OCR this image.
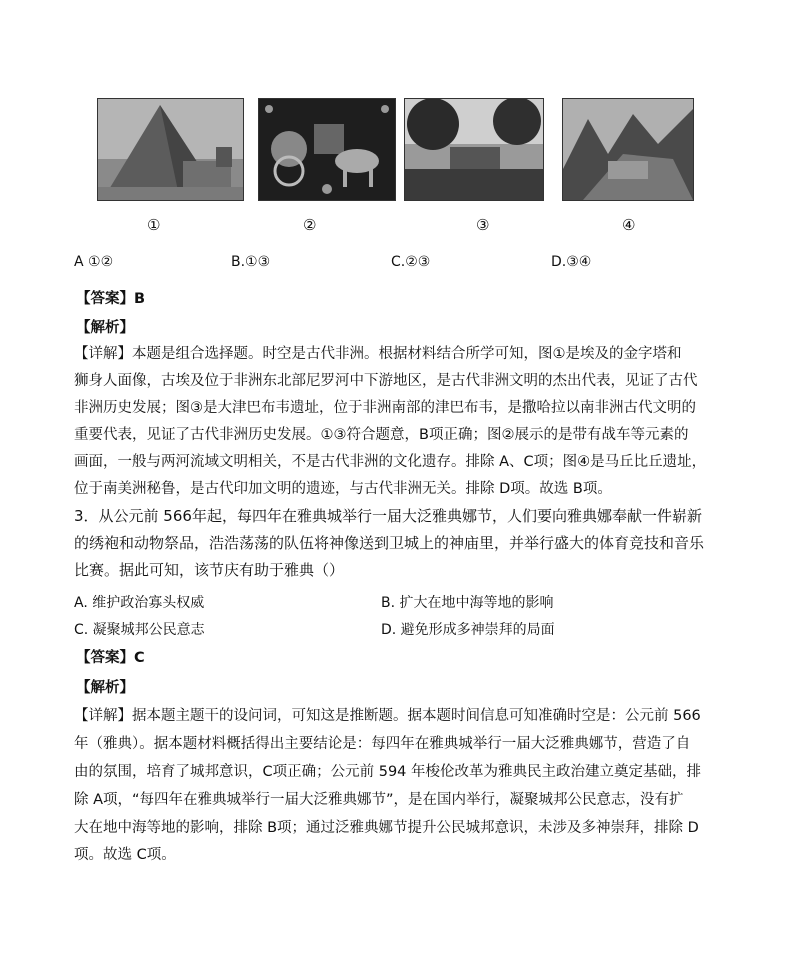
①	②	③	④
A ①②	B.①③	C.②③	D.③④
【答案】B
【解析】
【详解】本题是组合选择题。时空是古代非洲。根据材料结合所学可知，图①是埃及的金字塔和
狮身人面像，古埃及位于非洲东北部尼罗河中下游地区，是古代非洲文明的杰出代表，见证了古代
非洲历史发展；图③是大津巴布韦遗址，位于非洲南部的津巴布韦，是撒哈拉以南非洲古代文明的
重要代表，见证了古代非洲历史发展。①③符合题意，B项正确；图②展示的是带有战车等元素的
画面，一般与两河流域文明相关，不是古代非洲的文化遗存。排除 A、C项；图④是马丘比丘遗址，
位于南美洲秘鲁，是古代印加文明的遗迹，与古代非洲无关。排除 D项。故选 B项。
3．从公元前 566年起，每四年在雅典城举行一届大泛雅典娜节，人们要向雅典娜奉献一件崭新
的绣袍和动物祭品，浩浩荡荡的队伍将神像送到卫城上的神庙里，并举行盛大的体育竞技和音乐
比赛。据此可知，该节庆有助于雅典（）
A. 维护政治寡头权威	B. 扩大在地中海等地的影响
C. 凝聚城邦公民意志	D. 避免形成多神崇拜的局面
【答案】C
【解析】
【详解】据本题主题干的设问词，可知这是推断题。据本题时间信息可知准确时空是：公元前 566
年（雅典）。据本题材料概括得出主要结论是：每四年在雅典城举行一届大泛雅典娜节，营造了自
由的氛围，培育了城邦意识，C项正确；公元前 594 年梭伦改革为雅典民主政治建立奠定基础，排
除 A项，“每四年在雅典城举行一届大泛雅典娜节”，是在国内举行，凝聚城邦公民意志，没有扩
大在地中海等地的影响，排除 B项；通过泛雅典娜节提升公民城邦意识，未涉及多神崇拜，排除 D
项。故选 C项。
